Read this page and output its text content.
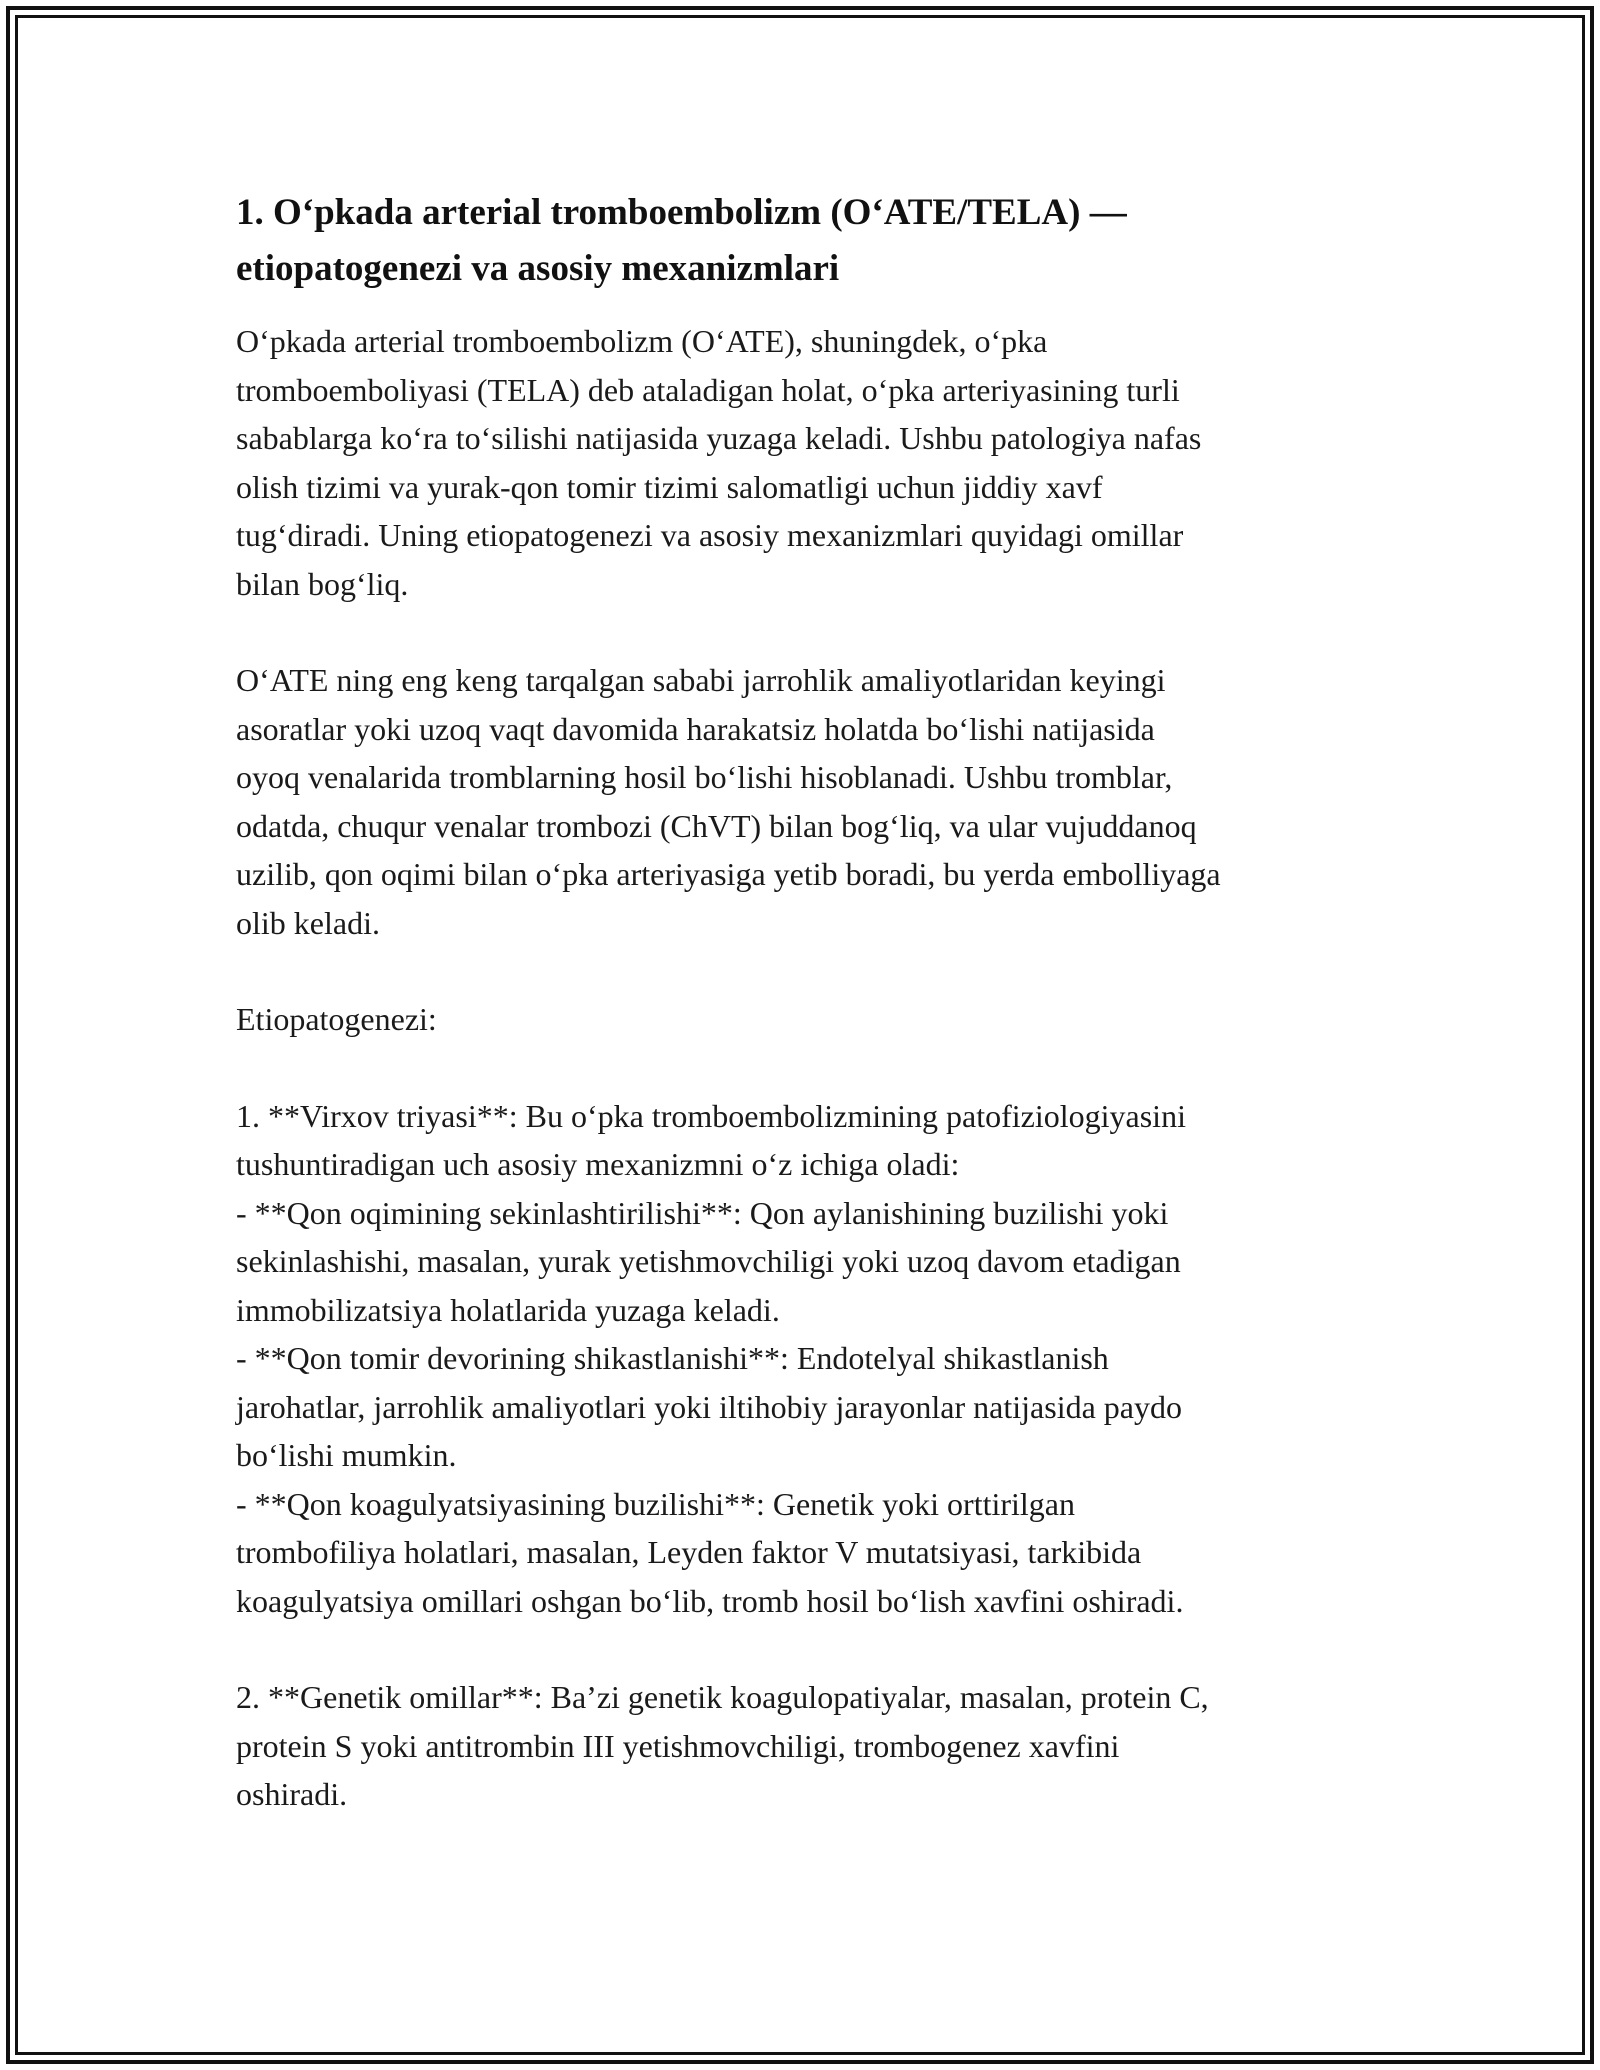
1. O‘pkada arterial tromboembolizm (O‘ATE/TELA) —
etiopatogenezi va asosiy mexanizmlari

O‘pkada arterial tromboembolizm (O‘ATE), shuningdek, o‘pka
tromboemboliyasi (TELA) deb ataladigan holat, o‘pka arteriyasining turli
sabablarga ko‘ra to‘silishi natijasida yuzaga keladi. Ushbu patologiya nafas
olish tizimi va yurak-qon tomir tizimi salomatligi uchun jiddiy xavf
tug‘diradi. Uning etiopatogenezi va asosiy mexanizmlari quyidagi omillar
bilan bog‘liq.

O‘ATE ning eng keng tarqalgan sababi jarrohlik amaliyotlaridan keyingi
asoratlar yoki uzoq vaqt davomida harakatsiz holatda bo‘lishi natijasida
oyoq venalarida tromblarning hosil bo‘lishi hisoblanadi. Ushbu tromblar,
odatda, chuqur venalar trombozi (ChVT) bilan bog‘liq, va ular vujuddanoq
uzilib, qon oqimi bilan o‘pka arteriyasiga yetib boradi, bu yerda embolliyaga
olib keladi.

Etiopatogenezi:

1. **Virxov triyasi**: Bu o‘pka tromboembolizmining patofiziologiyasini
tushuntiradigan uch asosiy mexanizmni o‘z ichiga oladi:
- **Qon oqimining sekinlashtirilishi**: Qon aylanishining buzilishi yoki
sekinlashishi, masalan, yurak yetishmovchiligi yoki uzoq davom etadigan
immobilizatsiya holatlarida yuzaga keladi.
- **Qon tomir devorining shikastlanishi**: Endotelyal shikastlanish
jarohatlar, jarrohlik amaliyotlari yoki iltihobiy jarayonlar natijasida paydo
bo‘lishi mumkin.
- **Qon koagulyatsiyasining buzilishi**: Genetik yoki orttirilgan
trombofiliya holatlari, masalan, Leyden faktor V mutatsiyasi, tarkibida
koagulyatsiya omillari oshgan bo‘lib, tromb hosil bo‘lish xavfini oshiradi.

2. **Genetik omillar**: Ba’zi genetik koagulopatiyalar, masalan, protein C,
protein S yoki antitrombin III yetishmovchiligi, trombogenez xavfini
oshiradi.
